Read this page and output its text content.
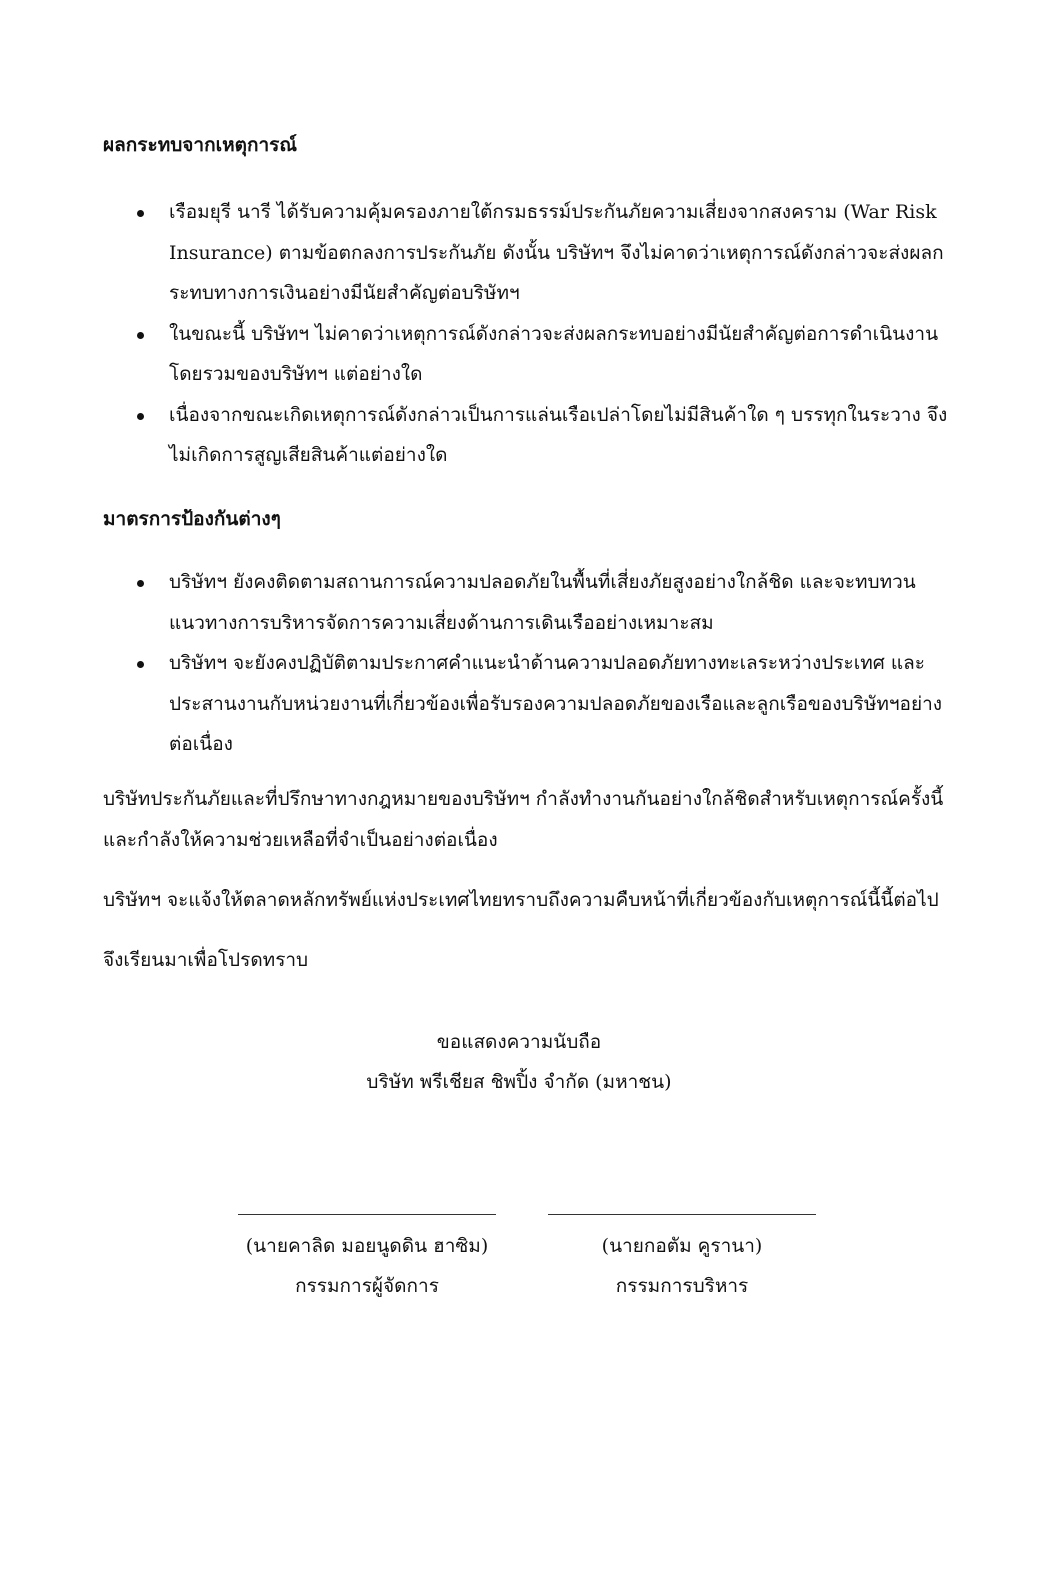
ผลกระทบจากเหตุการณ์
เรือมยุรี นารี ได้รับความคุ้มครองภายใต้กรมธรรม์ประกันภัยความเสี่ยงจากสงคราม (War Risk Insurance) ตามข้อตกลงการประกันภัย ดังนั้น บริษัทฯ จึงไม่คาดว่าเหตุการณ์ดังกล่าวจะส่งผลกระทบทางการเงินอย่างมีนัยสำคัญต่อบริษัทฯ
ในขณะนี้ บริษัทฯ ไม่คาดว่าเหตุการณ์ดังกล่าวจะส่งผลกระทบอย่างมีนัยสำคัญต่อการดำเนินงานโดยรวมของบริษัทฯ แต่อย่างใด
เนื่องจากขณะเกิดเหตุการณ์ดังกล่าวเป็นการแล่นเรือเปล่าโดยไม่มีสินค้าใด ๆ บรรทุกในระวาง จึงไม่เกิดการสูญเสียสินค้าแต่อย่างใด
มาตรการป้องกันต่างๆ
บริษัทฯ ยังคงติดตามสถานการณ์ความปลอดภัยในพื้นที่เสี่ยงภัยสูงอย่างใกล้ชิด และจะทบทวนแนวทางการบริหารจัดการความเสี่ยงด้านการเดินเรืออย่างเหมาะสม
บริษัทฯ จะยังคงปฏิบัติตามประกาศคำแนะนำด้านความปลอดภัยทางทะเลระหว่างประเทศ และประสานงานกับหน่วยงานที่เกี่ยวข้องเพื่อรับรองความปลอดภัยของเรือและลูกเรือของบริษัทฯอย่างต่อเนื่อง

บริษัทประกันภัยและที่ปรึกษาทางกฎหมายของบริษัทฯ กำลังทำงานกันอย่างใกล้ชิดสำหรับเหตุการณ์ครั้งนี้ และกำลังให้ความช่วยเหลือที่จำเป็นอย่างต่อเนื่อง

บริษัทฯ จะแจ้งให้ตลาดหลักทรัพย์แห่งประเทศไทยทราบถึงความคืบหน้าที่เกี่ยวข้องกับเหตุการณ์นี้นี้ต่อไป

จึงเรียนมาเพื่อโปรดทราบ

ขอแสดงความนับถือ

บริษัท พรีเชียส ชิพปิ้ง จำกัด (มหาชน)

(นายคาลิด มอยนูดดิน ฮาซิม)

กรรมการผู้จัดการ

(นายกอตัม คูรานา)

กรรมการบริหาร
